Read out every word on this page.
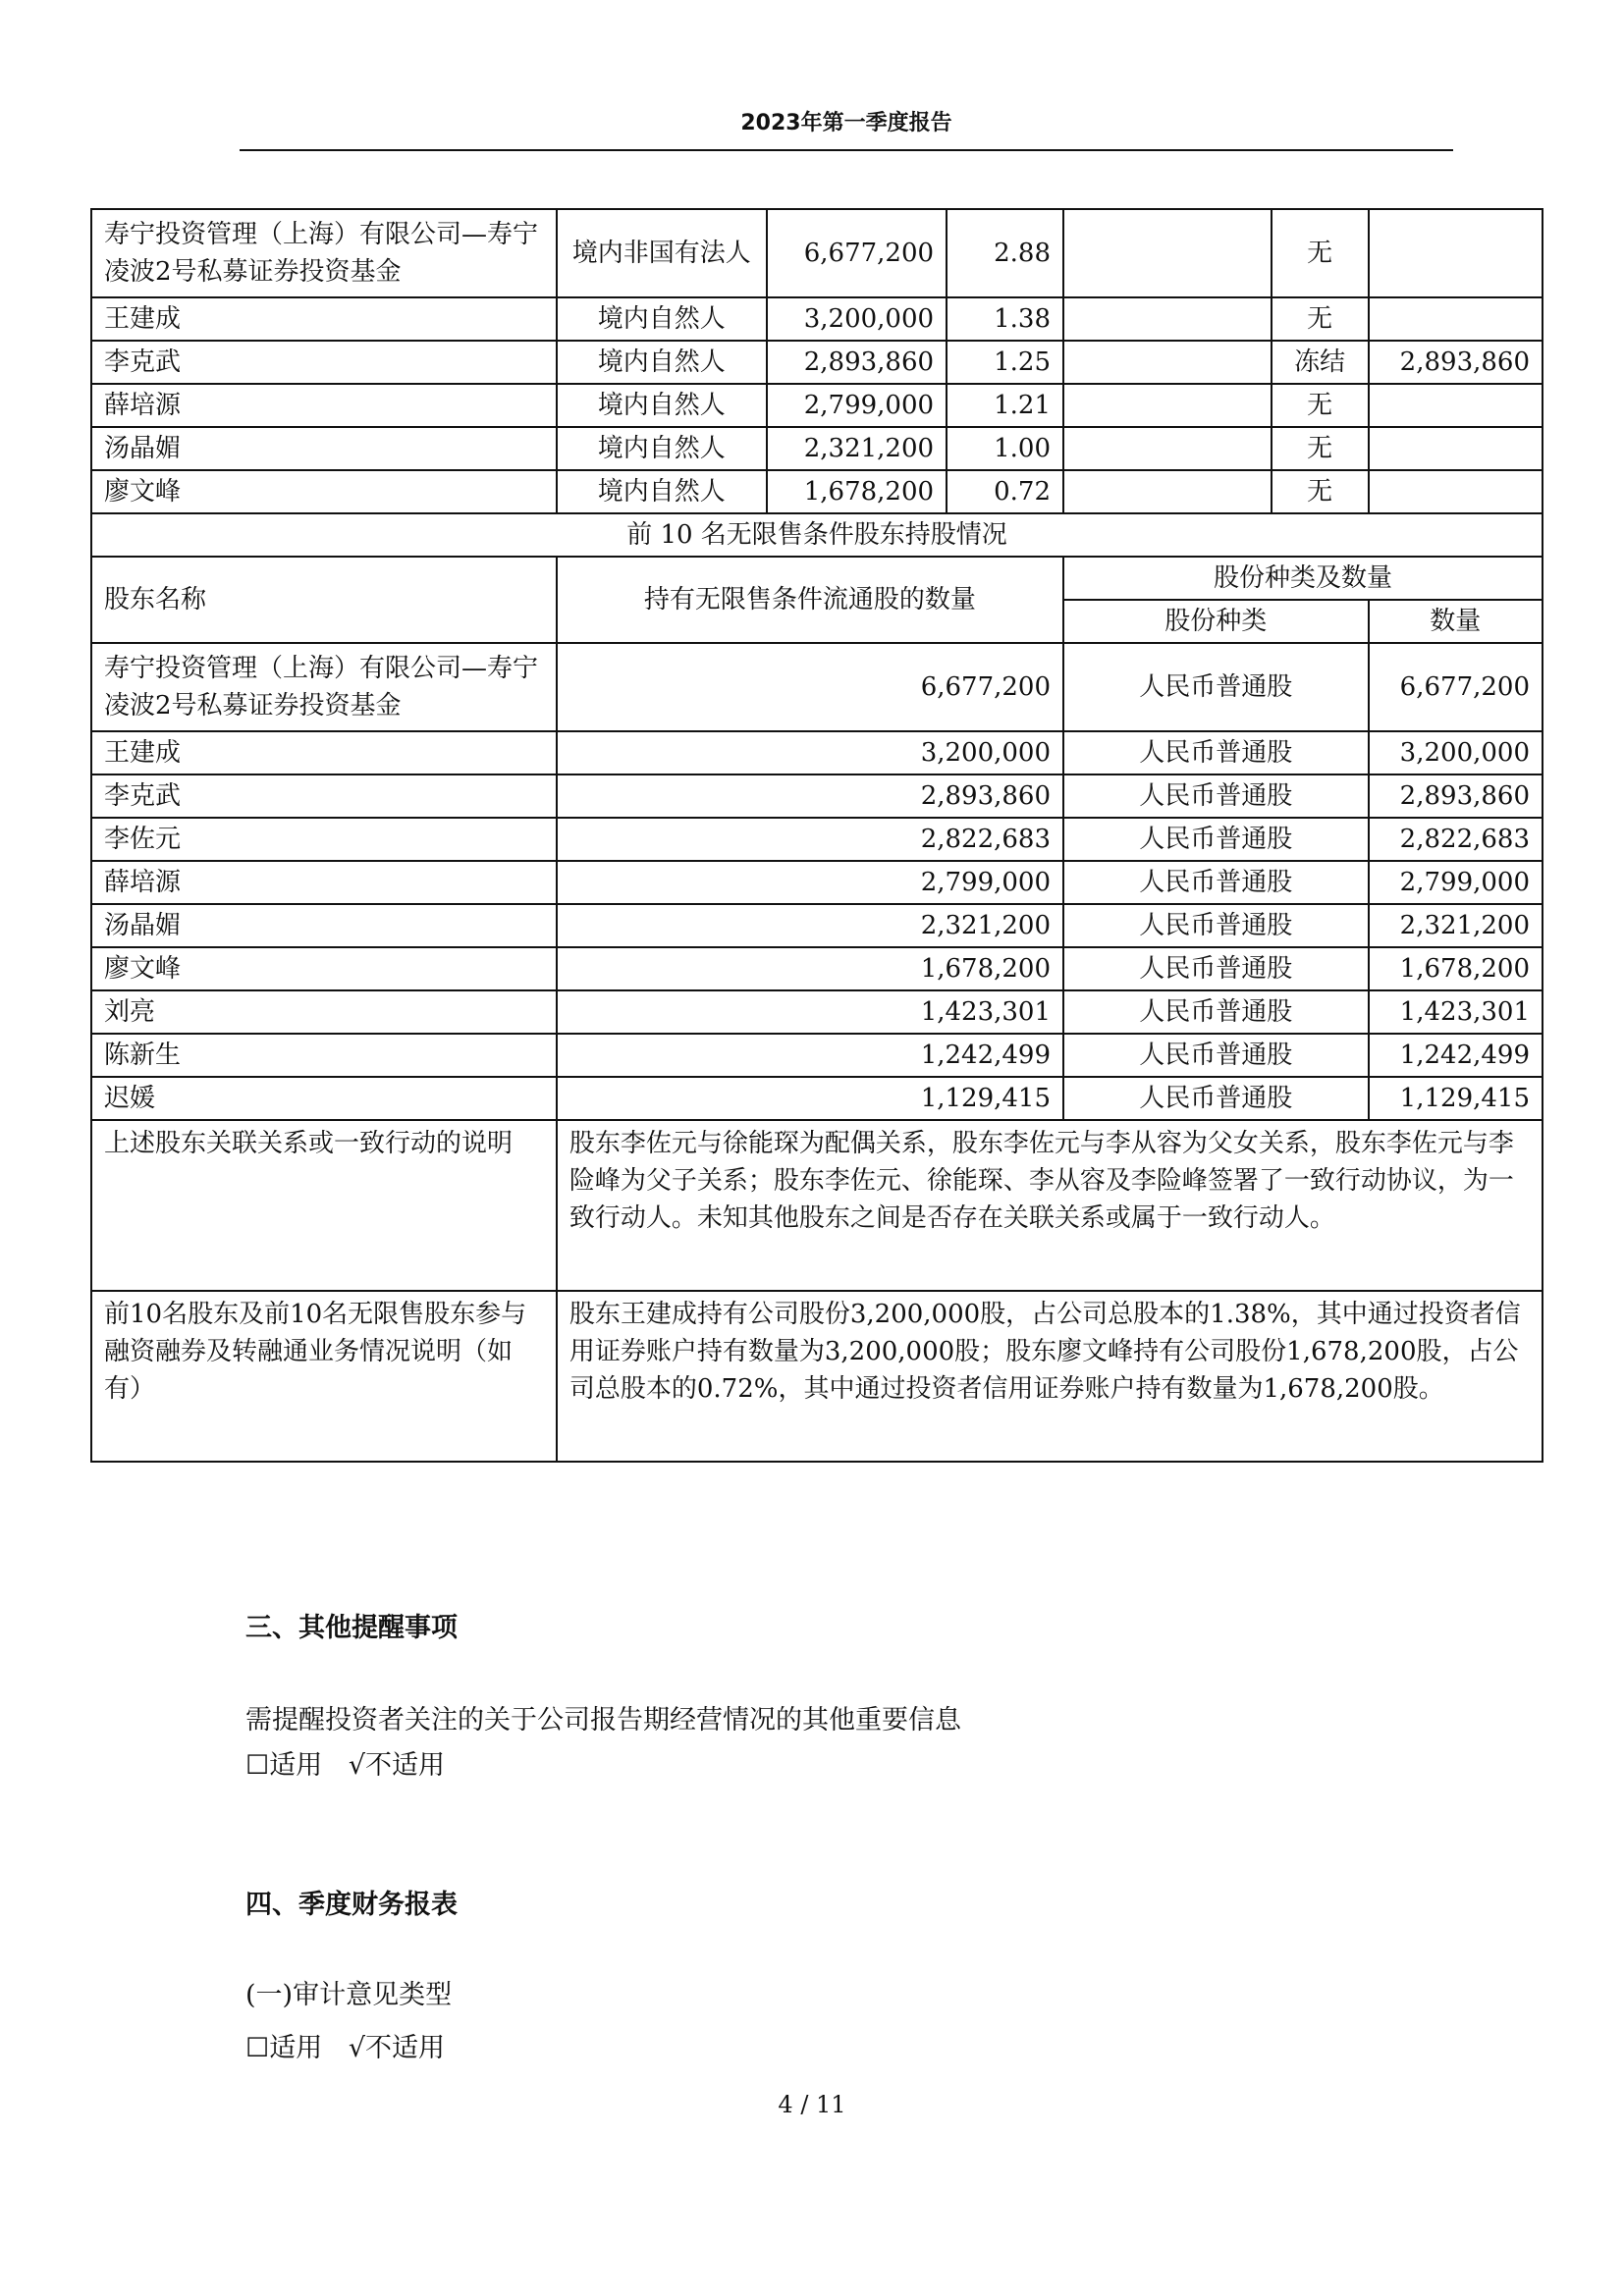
2023年第一季度报告
寿宁投资管理（上海）有限公司—寿宁凌波2号私募证券投资基金	境内非国有法人	6,677,200	2.88		无	
王建成	境内自然人	3,200,000	1.38		无	
李克武	境内自然人	2,893,860	1.25		冻结	2,893,860
薛培源	境内自然人	2,799,000	1.21		无	
汤晶媚	境内自然人	2,321,200	1.00		无	
廖文峰	境内自然人	1,678,200	0.72		无	
前 10 名无限售条件股东持股情况						
股东名称	持有无限售条件流通股的数量			股份种类及数量		
				股份种类		数量
寿宁投资管理（上海）有限公司—寿宁凌波2号私募证券投资基金	6,677,200			人民币普通股		6,677,200
王建成	3,200,000			人民币普通股		3,200,000
李克武	2,893,860			人民币普通股		2,893,860
李佐元	2,822,683			人民币普通股		2,822,683
薛培源	2,799,000			人民币普通股		2,799,000
汤晶媚	2,321,200			人民币普通股		2,321,200
廖文峰	1,678,200			人民币普通股		1,678,200
刘亮	1,423,301			人民币普通股		1,423,301
陈新生	1,242,499			人民币普通股		1,242,499
迟媛	1,129,415			人民币普通股		1,129,415
上述股东关联关系或一致行动的说明	股东李佐元与徐能琛为配偶关系，股东李佐元与李从容为父女关系，股东李佐元与李险峰为父子关系；股东李佐元、徐能琛、李从容及李险峰签署了一致行动协议，为一致行动人。未知其他股东之间是否存在关联关系或属于一致行动人。					
前10名股东及前10名无限售股东参与融资融券及转融通业务情况说明（如有）	股东王建成持有公司股份3,200,000股，占公司总股本的1.38%，其中通过投资者信用证券账户持有数量为3,200,000股；股东廖文峰持有公司股份1,678,200股，占公司总股本的0.72%，其中通过投资者信用证券账户持有数量为1,678,200股。					
三、其他提醒事项
需提醒投资者关注的关于公司报告期经营情况的其他重要信息
☐适用 √不适用
四、季度财务报表
(一)审计意见类型
☐适用 √不适用
4 / 11
